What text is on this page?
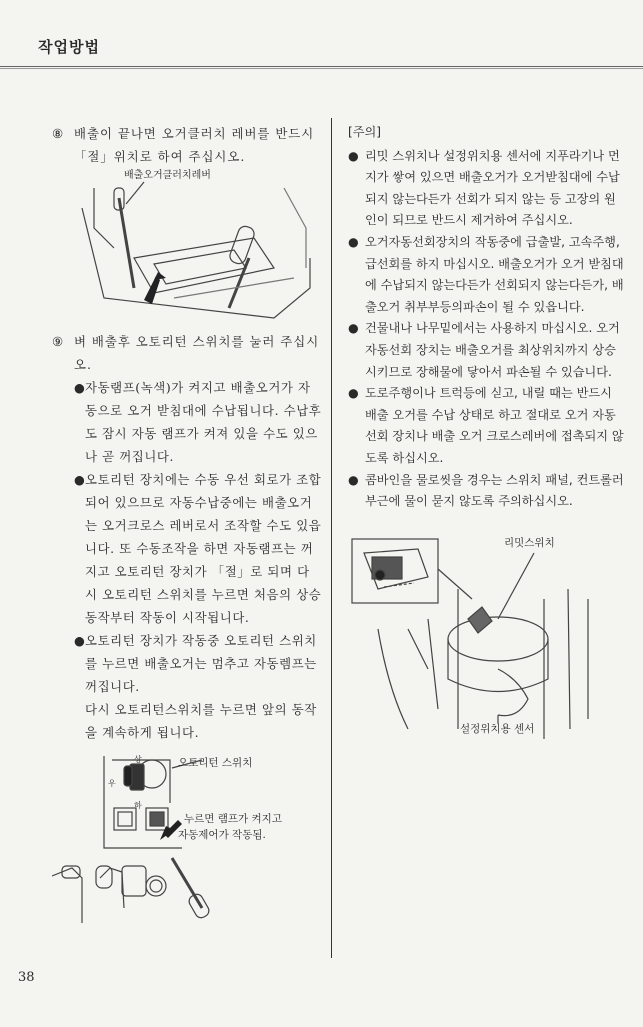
작업방법
⑧ 배출이 끝나면 오거클러치 레버를 반드시 「절」위치로 하여 주십시오.
배출오거클러치레버
⑨ 벼 배출후 오토리턴 스위치를 눌러 주십시오.
● 자동램프(녹색)가 켜지고 배출오거가 자동으로 오거 받침대에 수납됩니다. 수납후도 잠시 자동 램프가 켜져 있을 수도 있으나 곧 꺼집니다.
● 오토리턴 장치에는 수동 우선 회로가 조합되어 있으므로 자동수납중에는 배출오거는 오거크로스 레버로서 조작할 수도 있읍니다. 또 수동조작을 하면 자동램프는 꺼지고 오토리턴 장치가 「절」로 되며 다시 오토리턴 스위치를 누르면 처음의 상승동작부터 작동이 시작됩니다.
● 오토리턴 장치가 작동중 오토리턴 스위치를 누르면 배출오거는 멈추고 자동렘프는 꺼집니다.
다시 오토리턴스위치를 누르면 앞의 동작을 계속하게 됩니다.
오토리턴 스위치
누르면 램프가 켜지고
자동제어가 작동됨.
상
우
하
[주의]
● 리밋 스위치나 설정위치용 센서에 지푸라기나 먼지가 쌓여 있으면 배출오거가 오거받침대에 수납되지 않는다든가 선회가 되지 않는 등 고장의 원인이 되므로 반드시 제거하여 주십시오.
● 오거자동선회장치의 작동중에 급출발, 고속주행, 급선회를 하지 마십시오. 배출오거가 오거 받침대에 수납되지 않는다든가 선회되지 않는다든가, 배출오거 취부부등의파손이 될 수 있읍니다.
● 건물내나 나무밑에서는 사용하지 마십시오. 오거 자동선회 장치는 배출오거를 최상위치까지 상승시키므로 장해물에 닿아서 파손될 수 있습니다.
● 도로주행이나 트럭등에 싣고, 내릴 때는 반드시 배출 오거를 수납 상태로 하고 절대로 오거 자동선회 장치나 배출 오거 크로스레버에 접촉되지 않도록 하십시오.
● 콤바인을 물로씻을 경우는 스위치 패널, 컨트롤러 부근에 물이 묻지 않도록 주의하십시오.
리밋스위치
설정위치용 센서
38
